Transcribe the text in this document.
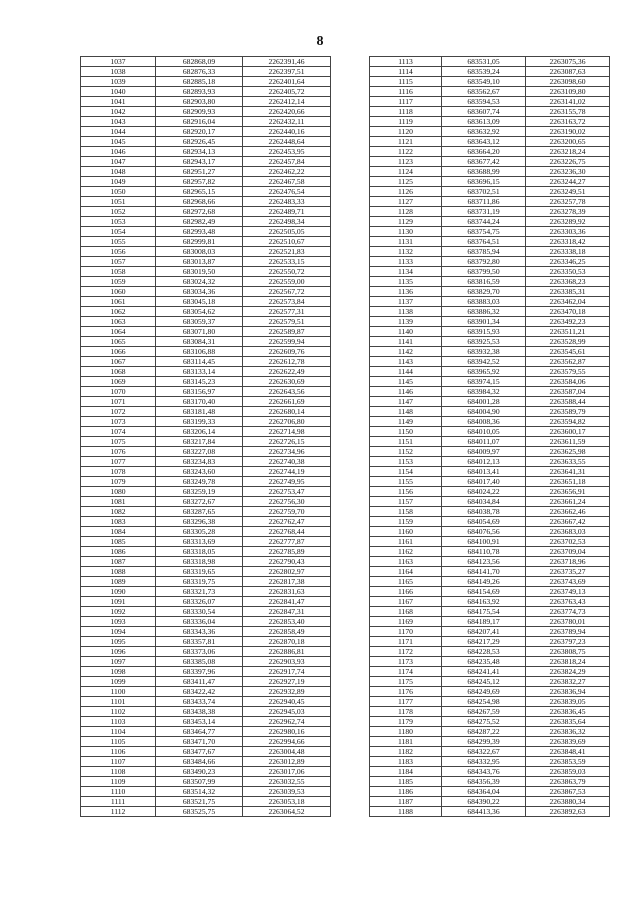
8
1037	682868,09	2262391,46
1038	682876,33	2262397,51
1039	682885,18	2262401,64
1040	682893,93	2262405,72
1041	682903,80	2262412,14
1042	682909,93	2262420,66
1043	682916,04	2262432,11
1044	682920,17	2262440,16
1045	682926,45	2262448,64
1046	682934,13	2262453,95
1047	682943,17	2262457,84
1048	682951,27	2262462,22
1049	682957,82	2262467,58
1050	682965,15	2262476,54
1051	682968,66	2262483,33
1052	682972,68	2262489,71
1053	682982,49	2262498,34
1054	682993,48	2262505,05
1055	682999,81	2262510,67
1056	683008,03	2262521,83
1057	683013,87	2262533,15
1058	683019,50	2262550,72
1059	683024,32	2262559,00
1060	683034,36	2262567,72
1061	683045,18	2262573,84
1062	683054,62	2262577,31
1063	683059,37	2262579,51
1064	683071,80	2262589,87
1065	683084,31	2262599,94
1066	683106,88	2262609,76
1067	683114,45	2262612,78
1068	683133,14	2262622,49
1069	683145,23	2262630,69
1070	683156,97	2262643,56
1071	683170,40	2262661,69
1072	683181,48	2262680,14
1073	683199,33	2262706,80
1074	683206,14	2262714,98
1075	683217,84	2262726,15
1076	683227,08	2262734,96
1077	683234,83	2262740,38
1078	683243,60	2262744,19
1079	683249,78	2262749,95
1080	683259,19	2262753,47
1081	683272,67	2262756,30
1082	683287,65	2262759,70
1083	683296,38	2262762,47
1084	683305,28	2262768,44
1085	683313,69	2262777,87
1086	683318,05	2262785,89
1087	683318,98	2262790,43
1088	683319,65	2262802,97
1089	683319,75	2262817,38
1090	683321,73	2262831,63
1091	683326,07	2262841,47
1092	683330,54	2262847,31
1093	683336,04	2262853,40
1094	683343,36	2262858,49
1095	683357,81	2262870,18
1096	683373,06	2262886,81
1097	683385,08	2262903,93
1098	683397,96	2262917,74
1099	683411,47	2262927,19
1100	683422,42	2262932,89
1101	683433,74	2262940,45
1102	683438,38	2262945,03
1103	683453,14	2262962,74
1104	683464,77	2262980,16
1105	683471,70	2262994,66
1106	683477,67	2263004,48
1107	683484,66	2263012,89
1108	683490,23	2263017,06
1109	683507,99	2263032,55
1110	683514,32	2263039,53
1111	683521,75	2263053,18
1112	683525,75	2263064,52
1113	683531,05	2263075,36
1114	683539,24	2263087,63
1115	683549,10	2263098,60
1116	683562,67	2263109,80
1117	683594,53	2263141,02
1118	683607,74	2263155,78
1119	683613,09	2263163,72
1120	683632,92	2263190,02
1121	683643,12	2263200,65
1122	683664,20	2263218,24
1123	683677,42	2263226,75
1124	683688,99	2263236,30
1125	683696,15	2263244,27
1126	683702,51	2263249,51
1127	683711,86	2263257,78
1128	683731,19	2263278,39
1129	683744,24	2263289,92
1130	683754,75	2263303,36
1131	683764,51	2263318,42
1132	683785,94	2263338,18
1133	683792,80	2263346,25
1134	683799,50	2263350,53
1135	683816,59	2263368,23
1136	683829,70	2263385,31
1137	683883,03	2263462,04
1138	683886,32	2263470,18
1139	683901,34	2263492,23
1140	683915,93	2263511,21
1141	683925,53	2263528,99
1142	683932,38	2263545,61
1143	683942,52	2263562,87
1144	683965,92	2263579,55
1145	683974,15	2263584,06
1146	683984,32	2263587,04
1147	684001,28	2263588,44
1148	684004,90	2263589,79
1149	684008,36	2263594,82
1150	684010,05	2263600,17
1151	684011,07	2263611,59
1152	684009,97	2263625,98
1153	684012,13	2263633,55
1154	684013,41	2263641,31
1155	684017,40	2263651,18
1156	684024,22	2263656,91
1157	684034,84	2263661,24
1158	684038,78	2263662,46
1159	684054,69	2263667,42
1160	684076,56	2263683,03
1161	684100,91	2263702,53
1162	684110,78	2263709,04
1163	684123,56	2263718,96
1164	684141,70	2263735,27
1165	684149,26	2263743,69
1166	684154,69	2263749,13
1167	684163,92	2263763,43
1168	684175,54	2263774,73
1169	684189,17	2263780,01
1170	684207,41	2263789,94
1171	684217,29	2263797,23
1172	684228,53	2263808,75
1173	684235,48	2263818,24
1174	684241,41	2263824,29
1175	684245,12	2263832,27
1176	684249,69	2263836,94
1177	684254,98	2263839,05
1178	684267,59	2263836,45
1179	684275,52	2263835,64
1180	684287,22	2263836,32
1181	684299,39	2263839,69
1182	684322,67	2263848,41
1183	684332,95	2263853,59
1184	684343,76	2263859,03
1185	684356,39	2263863,79
1186	684364,04	2263867,53
1187	684390,22	2263880,34
1188	684413,36	2263892,63
